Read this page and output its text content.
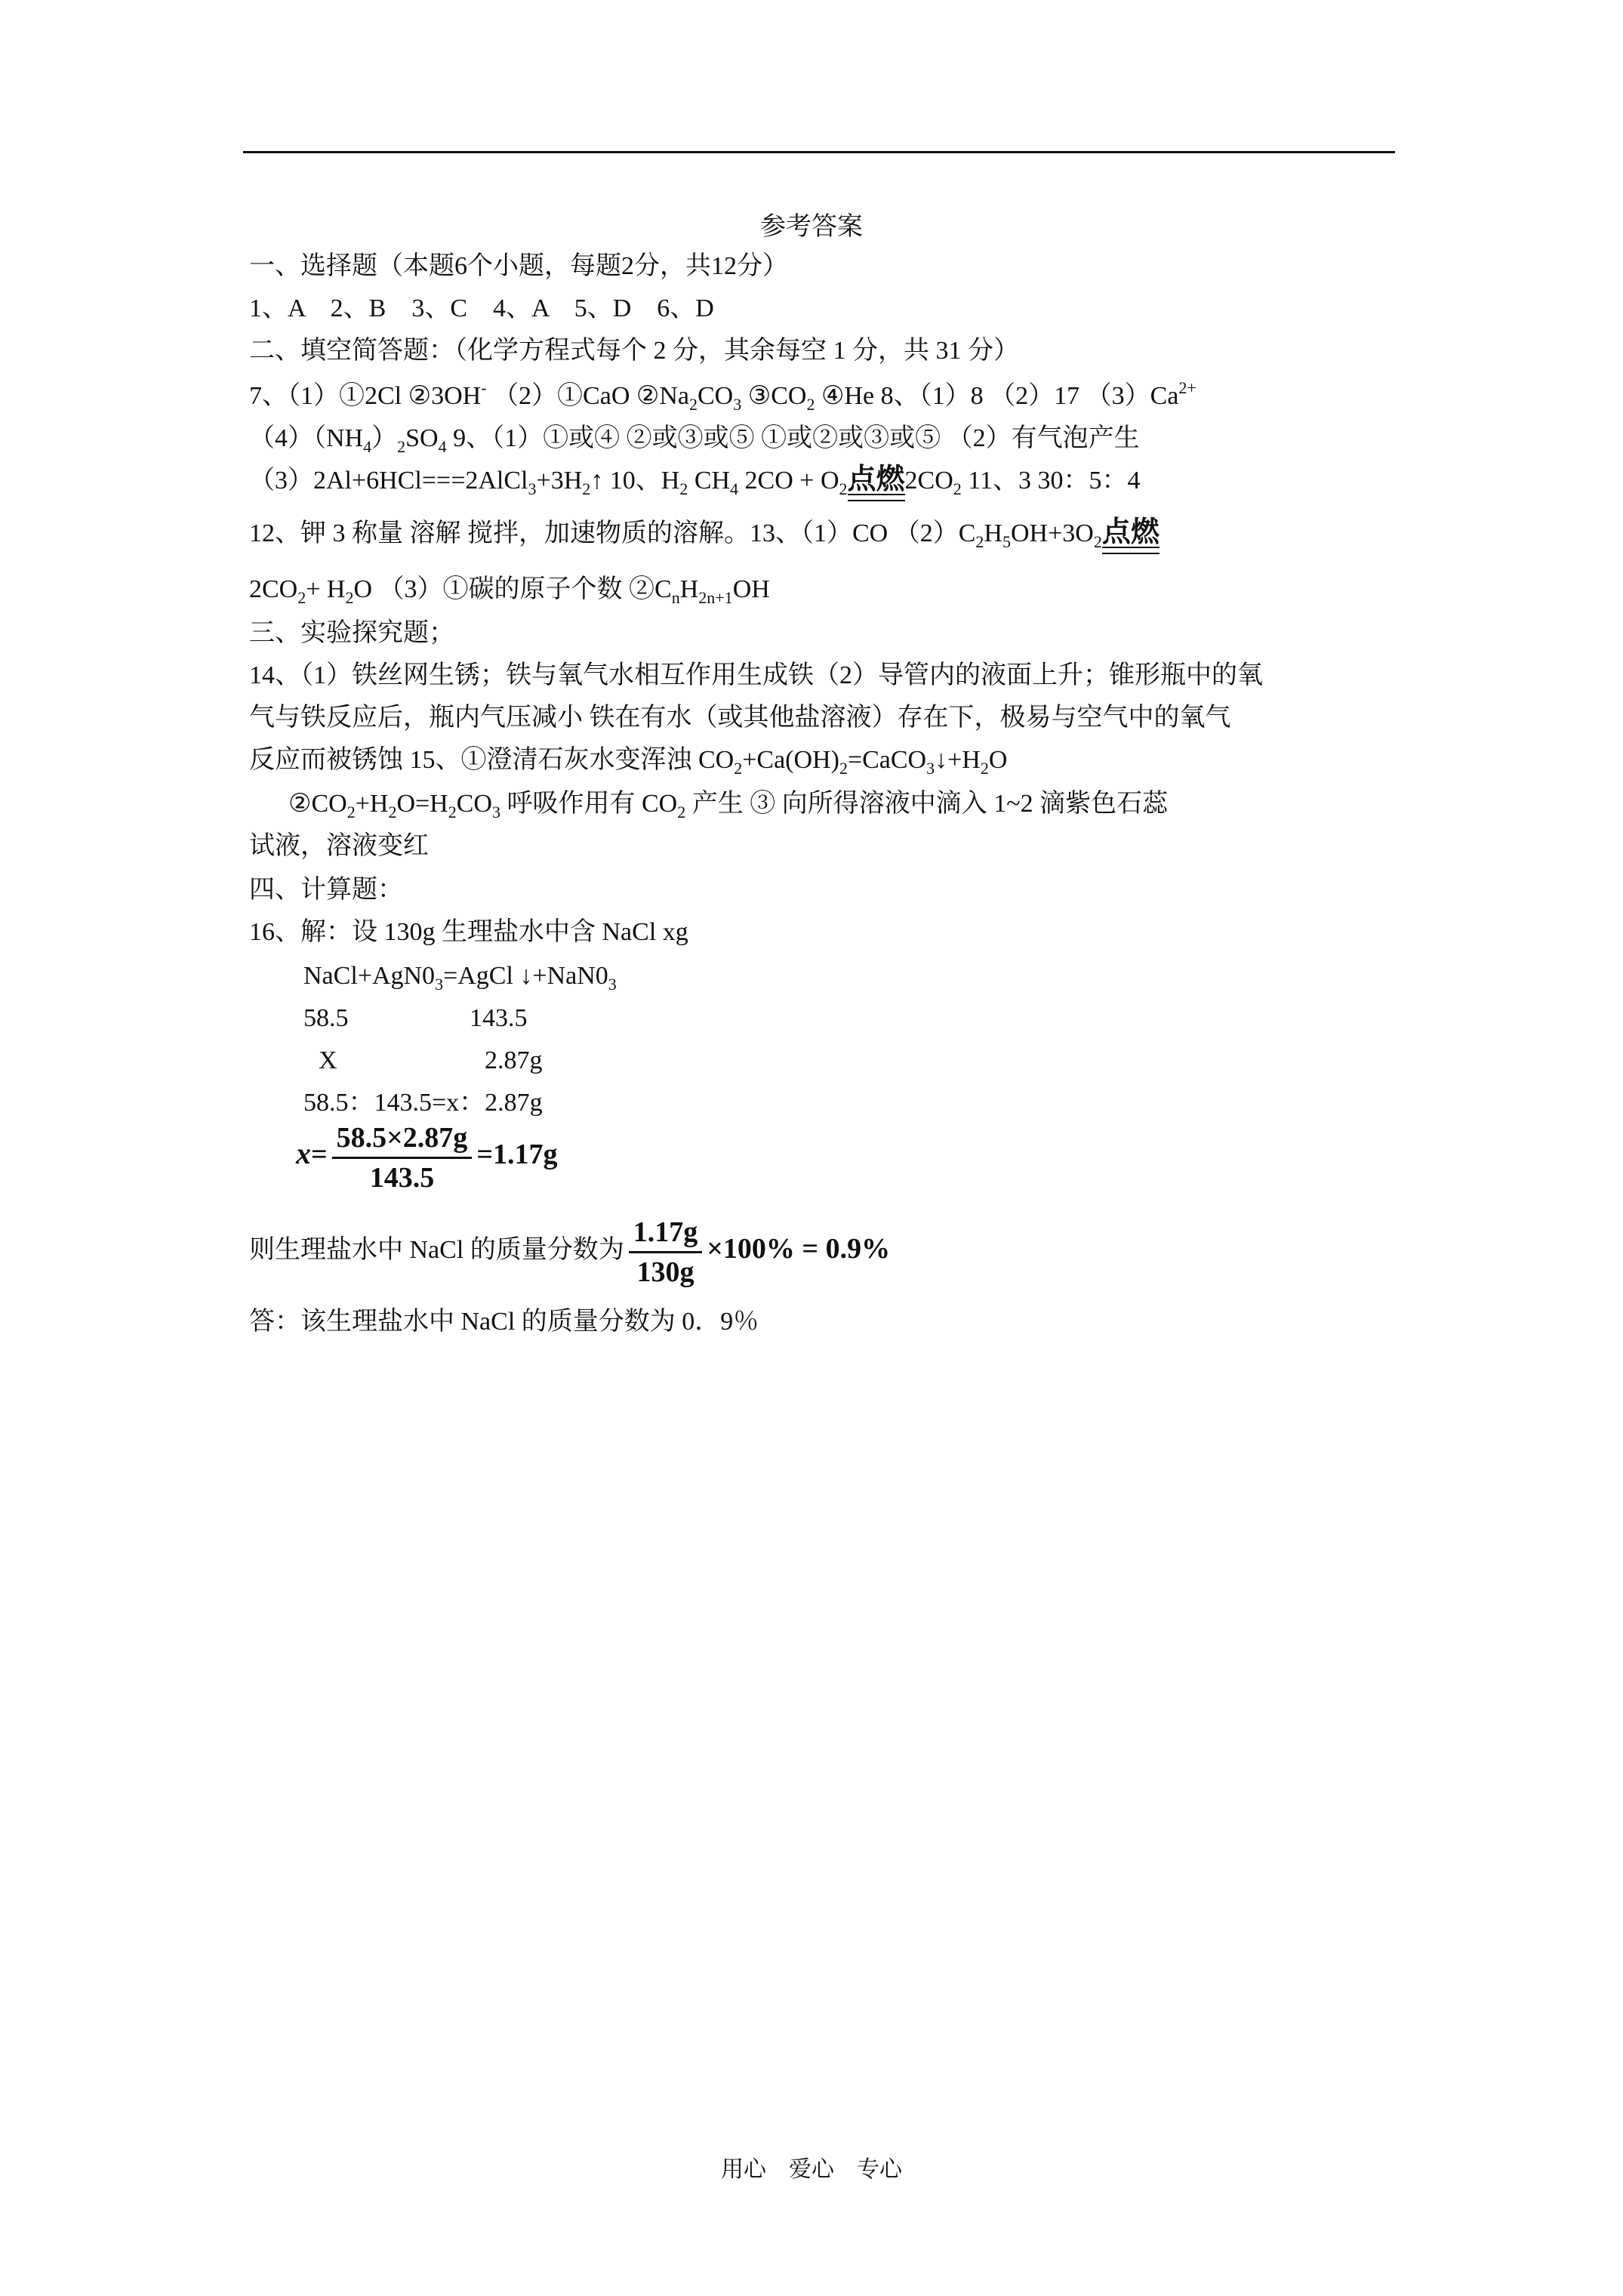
参考答案
一、选择题（本题6个小题，每题2分，共12分）
1、A　2、B　3、C　4、A　5、D　6、D
二、填空简答题：（化学方程式每个 2 分，其余每空 1 分，共 31 分）
7、（1）①2Cl ②3OH- （2）①CaO $②Na_2CO_3$ $③CO_2$ ④He 8、（1）8 （2）17 $(3)Ca^{2+}$
$(4)(NH_4)_2SO_4$ 9、（1）①或④ ②或③或⑤ ①或②或③或⑤ （2）有气泡产生
$(3)2Al+6HCl===2AlCl_3+3H_2↑$ 10、$H_2$ $CH_4$ $2CO + O_2$点燃$2CO_2$ 11、3 30：5：4
12、钾 3 称量 溶解 搅拌，加速物质的溶解。13、（1）CO $(2)C_2H_5OH+3O_2$点燃
$2CO_2+ H_2O$ （3）①碳的原子个数 $②C_nH_{2n+1}OH$
三、实验探究题；
14、（1）铁丝网生锈；铁与氧气水相互作用生成铁（2）导管内的液面上升；锥形瓶中的氧
气与铁反应后，瓶内气压减小 铁在有水（或其他盐溶液）存在下，极易与空气中的氧气
反应而被锈蚀 15、①澄清石灰水变浑浊 $CO_2+Ca(OH)_2=CaCO_3↓+H_2O$
$②CO_2+H_2O=H_2CO_3$ 呼吸作用有 $CO_2$ 产生 ③ 向所得溶液中滴入 1~2 滴紫色石蕊
试液，溶液变红
四、计算题：
16、解：设 130g 生理盐水中含 NaCl xg
$NaCl+AgN0_3=AgCl$ $↓+NaN0_3$
58.5	143.5
X	2.87g
58.5：143.5=x：2.87g
$x= \frac{58.5\times 2.87g}{143.5} =1.17g$
则生理盐水中 NaCl 的质量分数为 $\frac{1.17g}{130g} \times 100\% = 0.9\%$
答：该生理盐水中 NaCl 的质量分数为 0．9％
用心　爱心　专心
